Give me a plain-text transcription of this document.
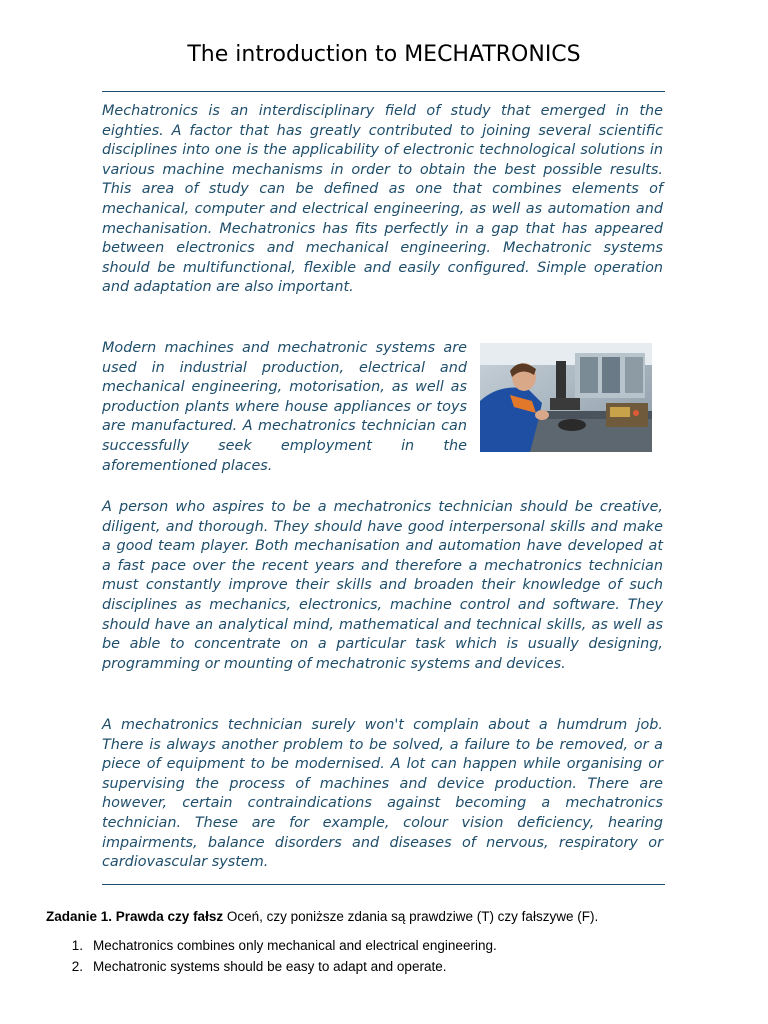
The introduction to MECHATRONICS

Mechatronics is an interdisciplinary field of study that emerged in the eighties. A factor that has greatly contributed to joining several scientific disciplines into one is the applicability of electronic technological solutions in various machine mechanisms in order to obtain the best possible results. This area of study can be defined as one that combines elements of mechanical, computer and electrical engineering, as well as automation and mechanisation. Mechatronics has fits perfectly in a gap that has appeared between electronics and mechanical engineering. Mechatronic systems should be multifunctional, flexible and easily configured. Simple operation and adaptation are also important.

Modern machines and mechatronic systems are used in industrial production, electrical and mechanical engineering, motorisation, as well as production plants where house appliances or toys are manufactured. A mechatronics technician can successfully seek employment in the aforementioned places.

A person who aspires to be a mechatronics technician should be creative, diligent, and thorough. They should have good interpersonal skills and make a good team player. Both mechanisation and automation have developed at a fast pace over the recent years and therefore a mechatronics technician must constantly improve their skills and broaden their knowledge of such disciplines as mechanics, electronics, machine control and software. They should have an analytical mind, mathematical and technical skills, as well as be able to concentrate on a particular task which is usually designing, programming or mounting of mechatronic systems and devices.

A mechatronics technician surely won't complain about a humdrum job. There is always another problem to be solved, a failure to be removed, or a piece of equipment to be modernised. A lot can happen while organising or supervising the process of machines and device production. There are however, certain contraindications against becoming a mechatronics technician. These are for example, colour vision deficiency, hearing impairments, balance disorders and diseases of nervous, respiratory or cardiovascular system.

Zadanie 1. Prawda czy fałsz Oceń, czy poniższe zdania są prawdziwe (T) czy fałszywe (F).

1. Mechatronics combines only mechanical and electrical engineering.
2. Mechatronic systems should be easy to adapt and operate.
